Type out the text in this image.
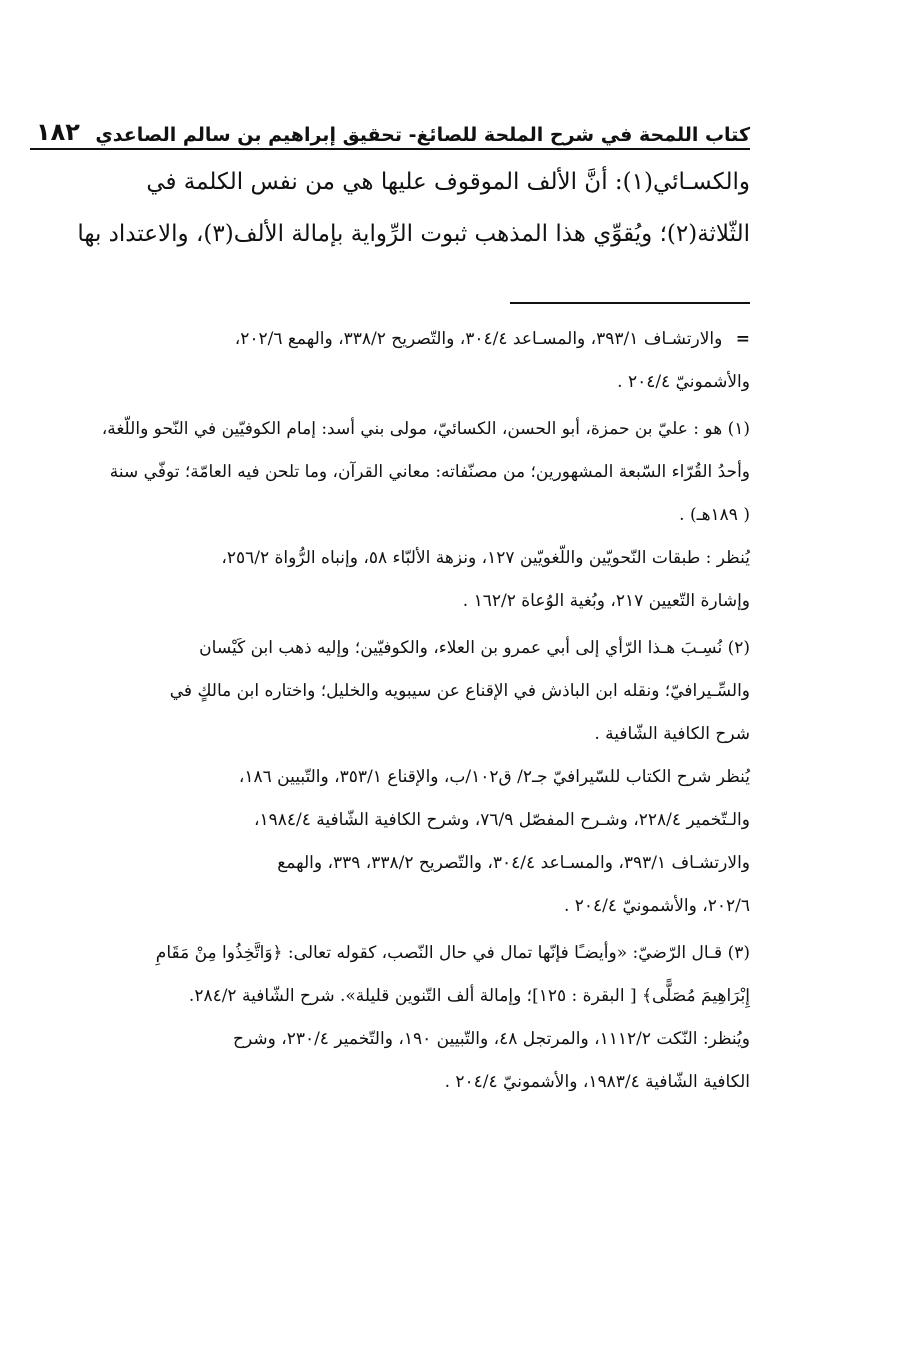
كتاب اللمحة في شرح الملحة للصائغ- تحقيق إبراهيم بن سالم الصاعدي
١٨٢

والكسـائي(١): أنَّ الألف الموقوف عليها هي من نفس الكلمة في

الثّلاثة(٢)؛ ويُقوِّي هذا المذهب ثبوت الرِّواية بإمالة الألف(٣)، والاعتداد بها

= والارتشـاف ٣٩٣/١، والمسـاعد ٣٠٤/٤، والتّصريح ٣٣٨/٢، والهمع ٢٠٢/٦،

والأشمونيّ ٢٠٤/٤ .

(١) هو : عليّ بن حمزة، أبو الحسن، الكسائيّ، مولى بني أسد: إمام الكوفيّين في النّحو واللّغة،

وأحدُ القُرّاء السّبعة المشهورين؛ من مصنّفاته: معاني القرآن، وما تلحن فيه العامّة؛ توفّي سنة

( ١٨٩هـ) .

يُنظر : طبقات النّحويّين واللّغويّين ١٢٧، ونزهة الألبّاء ٥٨، وإنباه الرُّواة ٢٥٦/٢،

وإشارة التّعيين ٢١٧، وبُغية الوُعاة ١٦٢/٢ .

(٢) نُسِـبَ هـذا الرّأي إلى أبي عمرو بن العلاء، والكوفيّين؛ وإليه ذهب ابن كَيْسان

والسِّـيرافيّ؛ ونقله ابن الباذش في الإقناع عن سيبويه والخليل؛ واختاره ابن مالكٍ في

شرح الكافية الشّافية .

يُنظر شرح الكتاب للسّيرافيّ جـ٢/ ق١٠٢/ب، والإقناع ٣٥٣/١، والتّبيين ١٨٦،

والـتّخمير ٢٢٨/٤، وشـرح المفصّل ٧٦/٩، وشرح الكافية الشّافية ١٩٨٤/٤،

والارتشـاف ٣٩٣/١، والمسـاعد ٣٠٤/٤، والتّصريح ٣٣٨/٢، ٣٣٩، والهمع

٢٠٢/٦، والأشمونيّ ٢٠٤/٤ .

(٣) قـال الرّضيّ: «وأيضـًا فإنّها تمال في حال النّصب، كقوله تعالى: ﴿وَاتَّخِذُوا مِنْ مَقَامِ

إِبْرَاهِيمَ مُصَلًّى﴾ [ البقرة : ١٢٥]؛ وإمالة ألف التّنوين قليلة». شرح الشّافية ٢٨٤/٢.

ويُنظر: النّكت ١١١٢/٢، والمرتجل ٤٨، والتّبيين ١٩٠، والتّخمير ٢٣٠/٤، وشرح

الكافية الشّافية ١٩٨٣/٤، والأشمونيّ ٢٠٤/٤ .
